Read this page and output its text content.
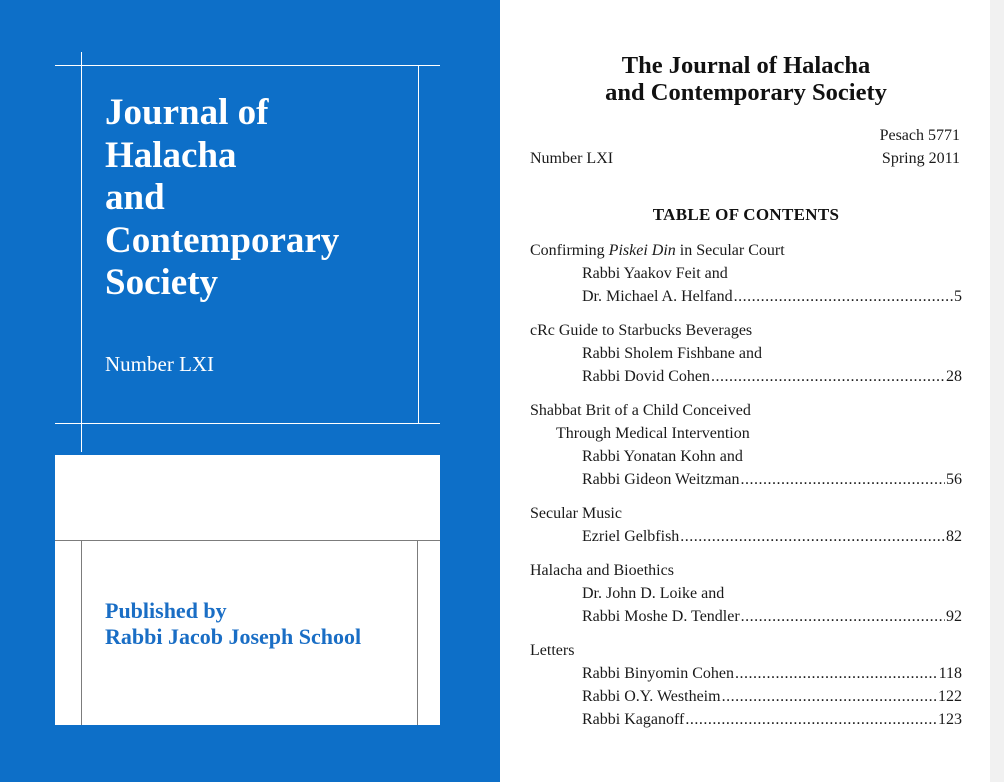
Journal of
Halacha
and
Contemporary
Society
Number LXI
Published by
Rabbi Jacob Joseph School
The Journal of Halacha
and Contemporary Society
Pesach 5771
Number LXI	Spring 2011
TABLE OF CONTENTS
Confirming Piskei Din in Secular Court
Rabbi Yaakov Feit and
Dr. Michael A. Helfand .....	5
cRc Guide to Starbucks Beverages
Rabbi Sholem Fishbane and
Rabbi Dovid Cohen .....	28
Shabbat Brit of a Child Conceived
Through Medical Intervention
Rabbi Yonatan Kohn and
Rabbi Gideon Weitzman .....	56
Secular Music
Ezriel Gelbfish .....	82
Halacha and Bioethics
Dr. John D. Loike and
Rabbi Moshe D. Tendler .....	92
Letters
Rabbi Binyomin Cohen .....	118
Rabbi O.Y. Westheim .....	122
Rabbi Kaganoff .....	123
